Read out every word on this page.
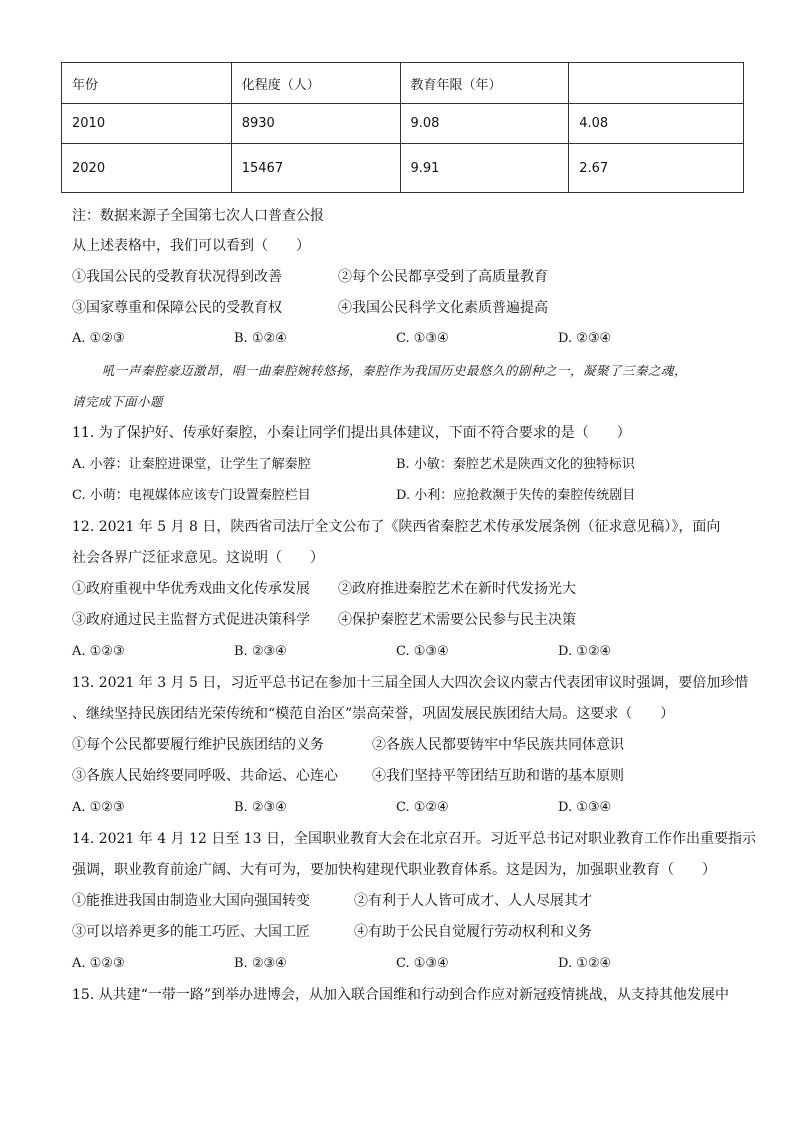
年份	化程度（人）	教育年限（年）	
2010	8930	9.08	4.08
2020	15467	9.91	2.67
注：数据来源子全国第七次人口普查公报
从上述表格中，我们可以看到（　　）
①我国公民的受教育状况得到改善	②每个公民都享受到了高质量教育
③国家尊重和保障公民的受教育权	④我国公民科学文化素质普遍提高
A. ①②③	B. ①②④	C. ①③④	D. ②③④
吼一声秦腔豪迈激昂，唱一曲秦腔婉转悠扬，秦腔作为我国历史最悠久的剧种之一，凝聚了三秦之魂，
请完成下面小题
11. 为了保护好、传承好秦腔，小秦让同学们提出具体建议，下面不符合要求的是（　　）
A. 小蓉：让秦腔进课堂，让学生了解秦腔	B. 小敏：秦腔艺术是陕西文化的独特标识
C. 小萌：电视媒体应该专门设置秦腔栏目	D. 小利：应抢救濒于失传的秦腔传统剧目
12. 2021 年 5 月 8 日，陕西省司法厅全文公布了《陕西省秦腔艺术传承发展条例（征求意见稿）》，面向
社会各界广泛征求意见。这说明（　　）
①政府重视中华优秀戏曲文化传承发展 ②政府推进秦腔艺术在新时代发扬光大
③政府通过民主监督方式促进决策科学 ④保护秦腔艺术需要公民参与民主决策
A. ①②③	B. ②③④	C. ①③④	D. ①②④
13. 2021 年 3 月 5 日，习近平总书记在参加十三届全国人大四次会议内蒙古代表团审议时强调，要倍加珍惜
、继续坚持民族团结光荣传统和“模范自治区”崇高荣誉，巩固发展民族团结大局。这要求（　　）
①每个公民都要履行维护民族团结的义务	②各族人民都要铸牢中华民族共同体意识
③各族人民始终要同呼吸、共命运、心连心 ④我们坚持平等团结互助和谐的基本原则
A. ①②③	B. ②③④	C. ①②④	D. ①③④
14. 2021 年 4 月 12 日至 13 日，全国职业教育大会在北京召开。习近平总书记对职业教育工作作出重要指示
强调，职业教育前途广阔、大有可为，要加快构建现代职业教育体系。这是因为，加强职业教育（　　）
①能推进我国由制造业大国向强国转变	②有利于人人皆可成才、人人尽展其才
③可以培养更多的能工巧匠、大国工匠	④有助于公民自觉履行劳动权利和义务
A. ①②③	B. ②③④	C. ①③④	D. ①②④
15. 从共建“一带一路”到举办进博会，从加入联合国维和行动到合作应对新冠疫情挑战，从支持其他发展中
